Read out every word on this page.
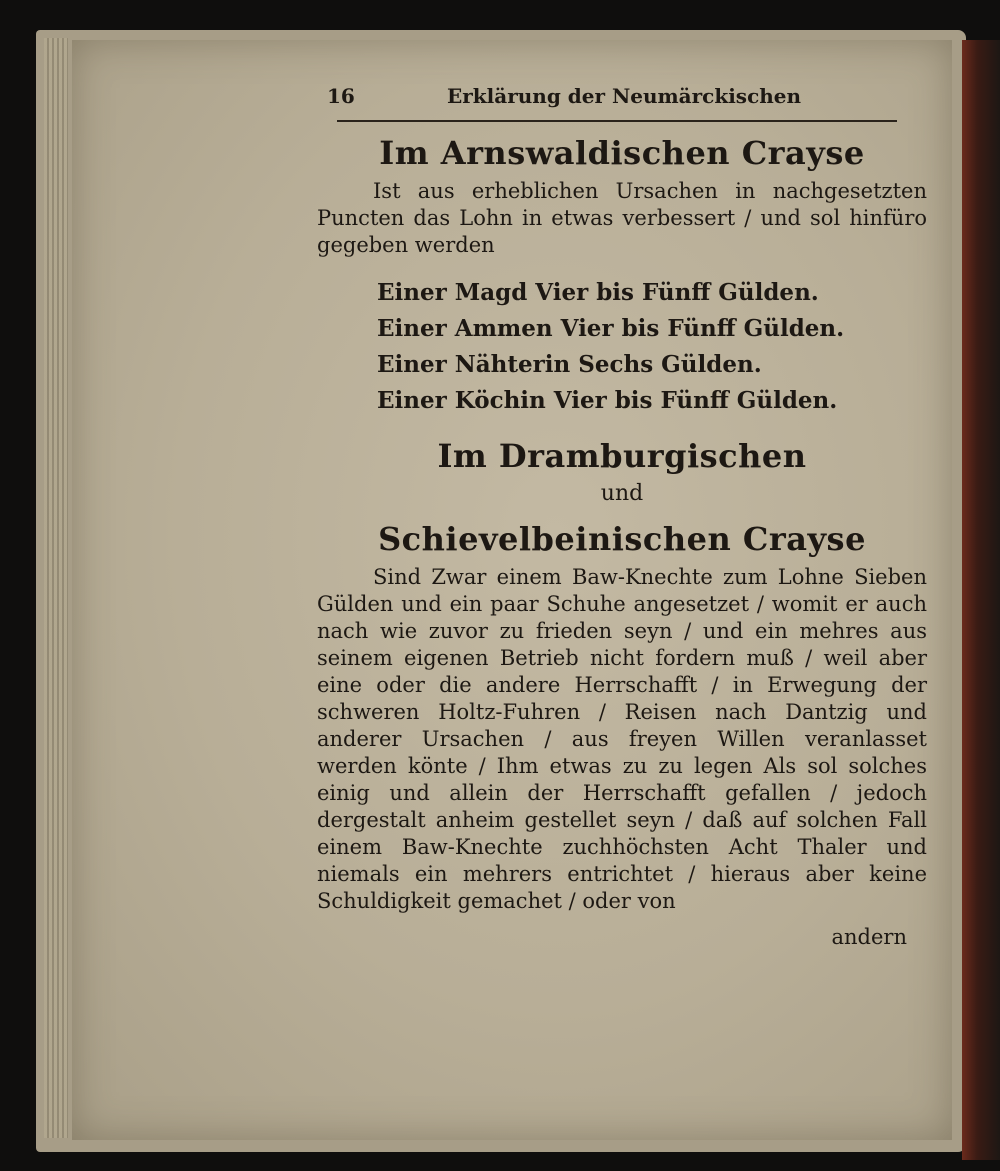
16	Erklärung der Neumärckischen
Im Arnswaldischen Crayse

Ist aus erheblichen Ursachen in nachgesetzten Puncten das Lohn in etwas verbessert / und sol hinfüro gegeben werden

Einer Magd Vier bis Fünff Gülden.
Einer Ammen Vier bis Fünff Gülden.
Einer Nähterin Sechs Gülden.
Einer Köchin Vier bis Fünff Gülden.
Im Dramburgischen
und
Schievelbeinischen Crayse

Sind Zwar einem Baw-Knechte zum Lohne Sieben Gülden und ein paar Schuhe angesetzet / womit er auch nach wie zuvor zu frieden seyn / und ein mehres aus seinem eigenen Betrieb nicht fordern muß / weil aber eine oder die andere Herrschafft / in Erwegung der schweren Holtz-Fuhren / Reisen nach Dantzig und anderer Ursachen / aus freyen Willen veranlasset werden könte / Ihm etwas zu zu legen Als sol solches einig und allein der Herrschafft gefallen / jedoch dergestalt anheim gestellet seyn / daß auf solchen Fall einem Baw-Knechte zuchhöchsten Acht Thaler und niemals ein mehrers entrichtet / hieraus aber keine Schuldigkeit gemachet / oder von

andern
